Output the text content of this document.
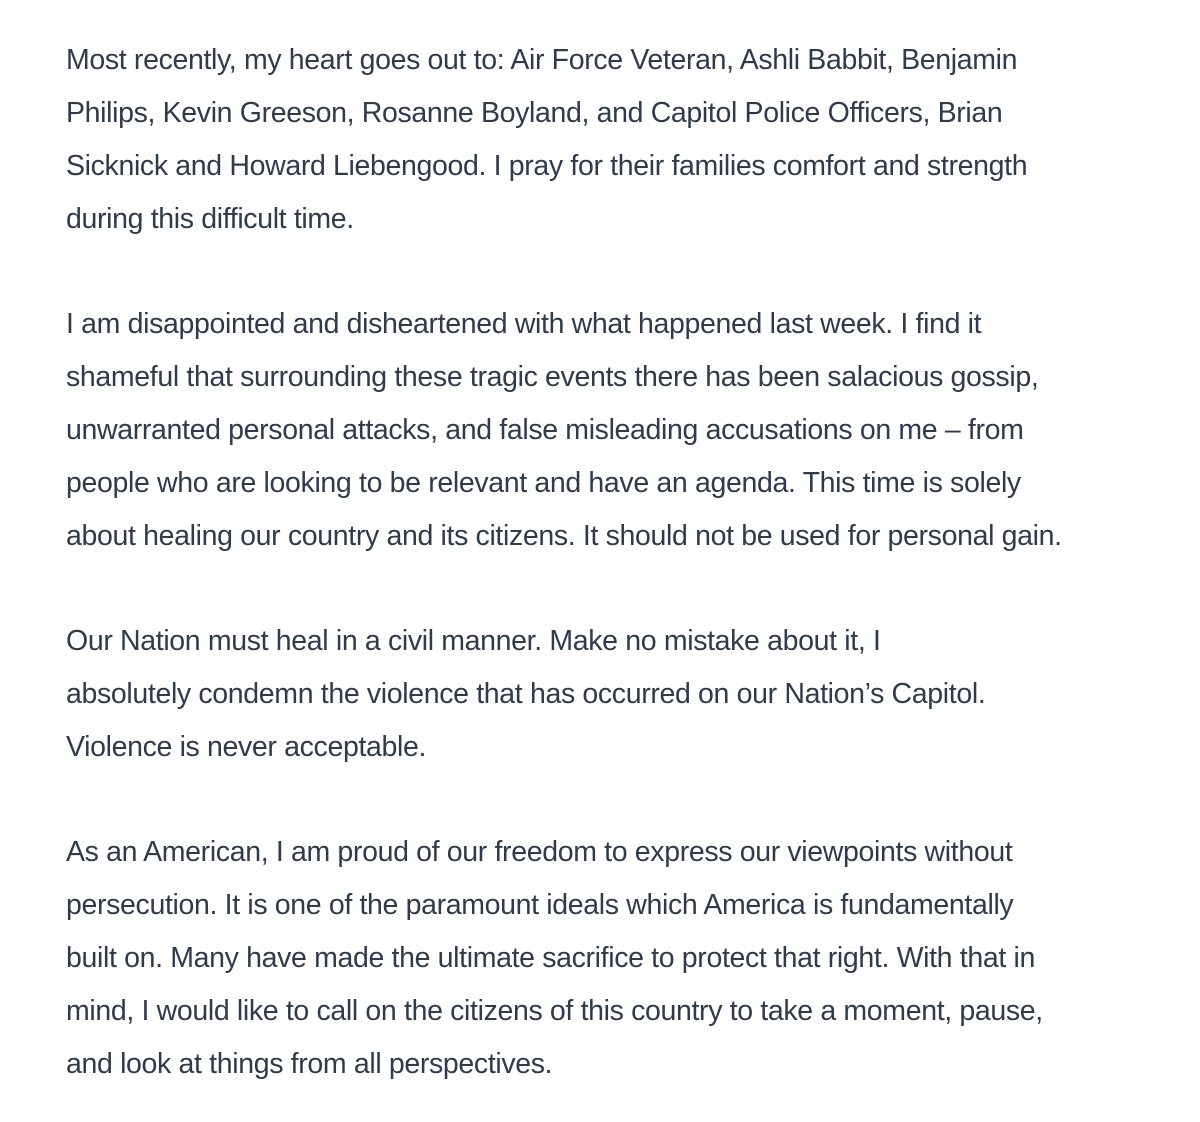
Most recently, my heart goes out to: Air Force Veteran, Ashli Babbit, Benjamin
Philips, Kevin Greeson, Rosanne Boyland, and Capitol Police Officers, Brian
Sicknick and Howard Liebengood. I pray for their families comfort and strength
during this difficult time.

I am disappointed and disheartened with what happened last week. I find it
shameful that surrounding these tragic events there has been salacious gossip,
unwarranted personal attacks, and false misleading accusations on me – from
people who are looking to be relevant and have an agenda. This time is solely
about healing our country and its citizens. It should not be used for personal gain.

Our Nation must heal in a civil manner. Make no mistake about it, I
absolutely condemn the violence that has occurred on our Nation’s Capitol.
Violence is never acceptable.

As an American, I am proud of our freedom to express our viewpoints without
persecution. It is one of the paramount ideals which America is fundamentally
built on. Many have made the ultimate sacrifice to protect that right. With that in
mind, I would like to call on the citizens of this country to take a moment, pause,
and look at things from all perspectives.
